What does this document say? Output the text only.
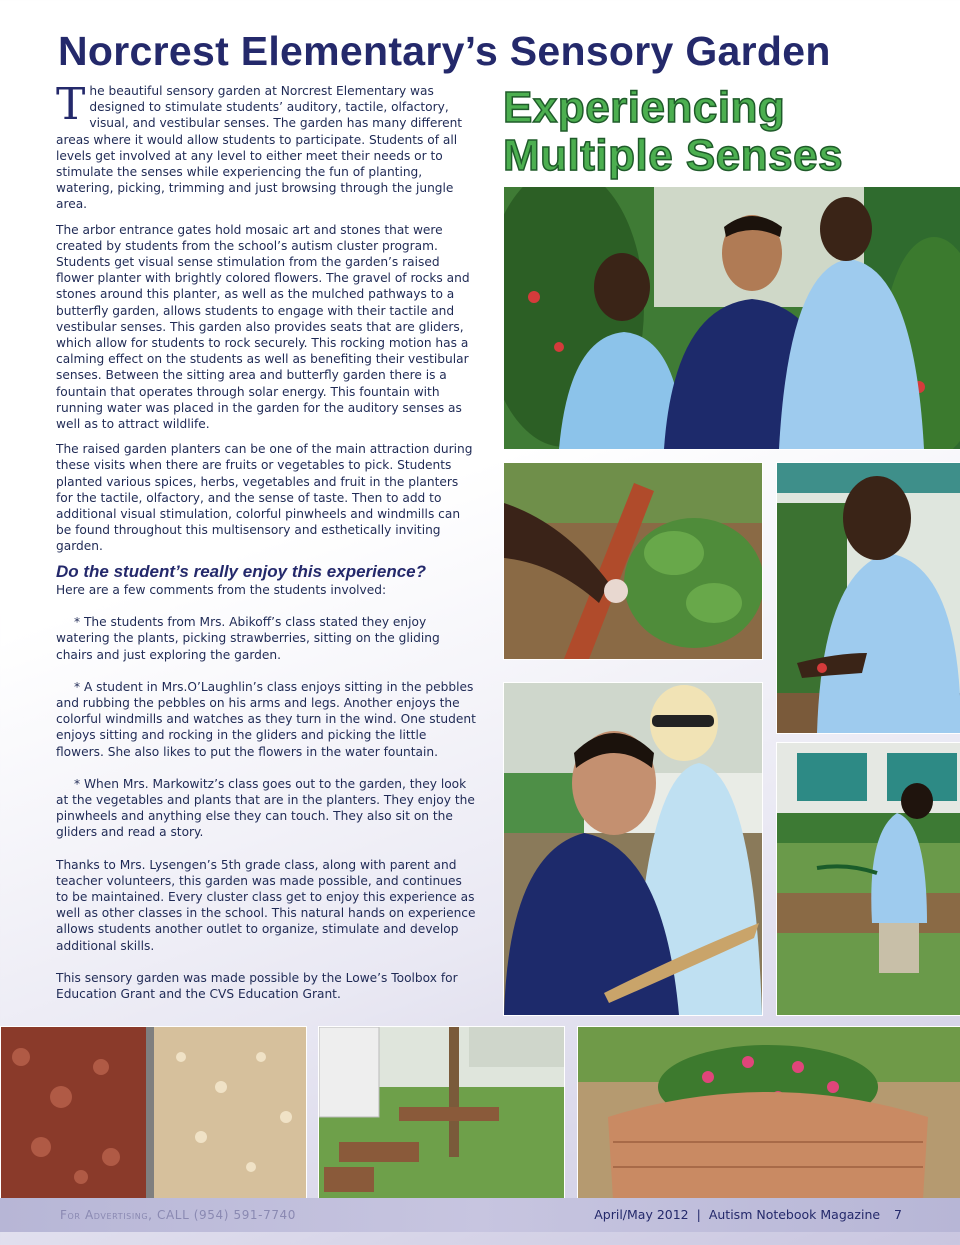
Norcrest Elementary’s Sensory Garden
Experiencing
Multiple Senses

The beautiful sensory garden at Norcrest Elementary was designed to stimulate students’ auditory, tactile, olfactory, visual, and vestibular senses. The garden has many different areas where it would allow students to participate. Students of all levels get involved at any level to either meet their needs or to stimulate the senses while experiencing the fun of planting, watering, picking, trimming and just browsing through the jungle area.

The arbor entrance gates hold mosaic art and stones that were created by students from the school’s autism cluster program. Students get visual sense stimulation from the garden’s raised flower planter with brightly colored flowers. The gravel of rocks and stones around this planter, as well as the mulched pathways to a butterfly garden, allows students to engage with their tactile and vestibular senses. This garden also provides seats that are gliders, which allow for students to rock securely. This rocking motion has a calming effect on the students as well as benefiting their vestibular senses. Between the sitting area and butterfly garden there is a fountain that operates through solar energy. This fountain with running water was placed in the garden for the auditory senses as well as to attract wildlife.

The raised garden planters can be one of the main attraction during these visits when there are fruits or vegetables to pick. Students planted various spices, herbs, vegetables and fruit in the planters for the tactile, olfactory, and the sense of taste. Then to add to additional visual stimulation, colorful pinwheels and windmills can be found throughout this multisensory and esthetically inviting garden.

Do the student’s really enjoy this experience?

Here are a few comments from the students involved:

* The students from Mrs. Abikoff’s class stated they enjoy watering the plants, picking strawberries, sitting on the gliding chairs and just exploring the garden.

* A student in Mrs.O’Laughlin’s class enjoys sitting in the pebbles and rubbing the pebbles on his arms and legs. Another enjoys the colorful windmills and watches as they turn in the wind. One student enjoys sitting and rocking in the gliders and picking the little flowers. She also likes to put the flowers in the water fountain.

* When Mrs. Markowitz’s class goes out to the garden, they look at the vegetables and plants that are in the planters. They enjoy the pinwheels and anything else they can touch. They also sit on the gliders and read a story.

Thanks to Mrs. Lysengen’s 5th grade class, along with parent and teacher volunteers, this garden was made possible, and continues to be maintained. Every cluster class get to enjoy this experience as well as other classes in the school. This natural hands on experience allows students another outlet to organize, stimulate and develop additional skills.

This sensory garden was made possible by the Lowe’s Toolbox for Education Grant and the CVS Education Grant.

For Advertising, CALL (954) 591-7740	April/May 2012 | Autism Notebook Magazine 7
